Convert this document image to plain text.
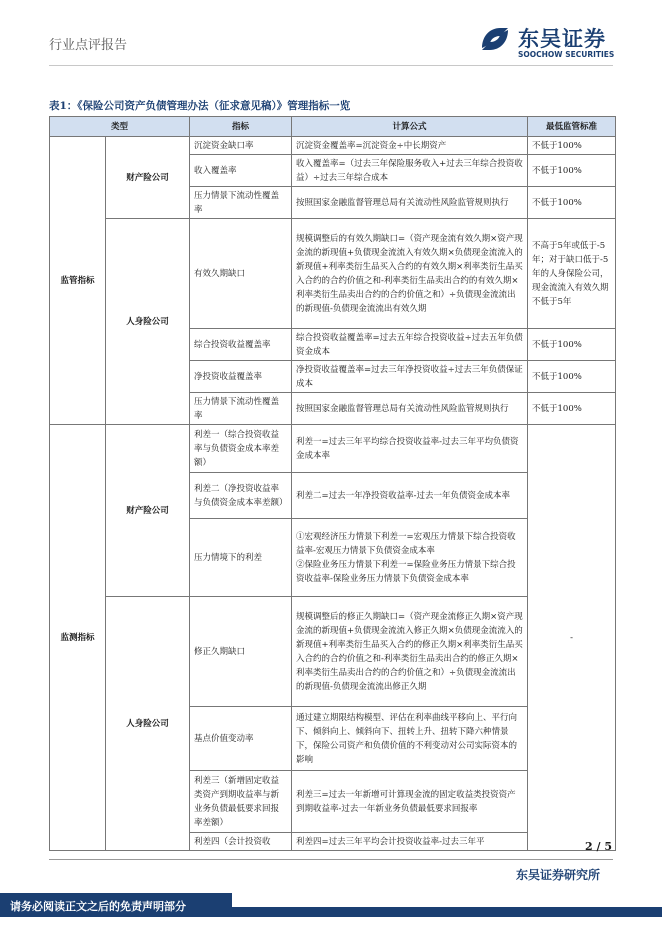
行业点评报告	东吴证券
SOOCHOW SECURITIES
表1：《保险公司资产负债管理办法（征求意见稿）》管理指标一览
类型		指标	计算公式	最低监管标准
监管指标	财产险公司	沉淀资金缺口率	沉淀资金覆盖率=沉淀资金÷中长期资产	不低于100%
		收入覆盖率	收入覆盖率=（过去三年保险服务收入+过去三年综合投资收益）÷过去三年综合成本	不低于100%
		压力情景下流动性覆盖率	按照国家金融监督管理总局有关流动性风险监管规则执行	不低于100%
	人身险公司	有效久期缺口	规模调整后的有效久期缺口=（资产现金流有效久期×资产现金流的新现值+负债现金流流入有效久期×负债现金流流入的新现值+利率类衍生品买入合约的有效久期×利率类衍生品买入合约的合约价值之和-利率类衍生品卖出合约的有效久期×利率类衍生品卖出合约的合约价值之和）÷负债现金流流出的新现值-负债现金流流出有效久期	不高于5年或低于-5年；对于缺口低于-5年的人身保险公司，现金流流入有效久期不低于5年
		综合投资收益覆盖率	综合投资收益覆盖率=过去五年综合投资收益÷过去五年负债资金成本	不低于100%
		净投资收益覆盖率	净投资收益覆盖率=过去三年净投资收益÷过去三年负债保证成本	不低于100%
		压力情景下流动性覆盖率	按照国家金融监督管理总局有关流动性风险监管规则执行	不低于100%
监测指标	财产险公司	利差一（综合投资收益率与负债资金成本率差额）	利差一=过去三年平均综合投资收益率-过去三年平均负债资金成本率	-
		利差二（净投资收益率与负债资金成本率差额）	利差二=过去一年净投资收益率-过去一年负债资金成本率	
		压力情境下的利差	①宏观经济压力情景下利差一=宏观压力情景下综合投资收益率-宏观压力情景下负债资金成本率
②保险业务压力情景下利差一=保险业务压力情景下综合投资收益率-保险业务压力情景下负债资金成本率	
	人身险公司	修正久期缺口	规模调整后的修正久期缺口=（资产现金流修正久期×资产现金流的新现值+负债现金流流入修正久期×负债现金流流入的新现值+利率类衍生品买入合约的修正久期×利率类衍生品买入合约的合约价值之和-利率类衍生品卖出合约的修正久期×利率类衍生品卖出合约的合约价值之和）÷负债现金流流出的新现值-负债现金流流出修正久期	
		基点价值变动率	通过建立期限结构模型、评估在利率曲线平移向上、平行向下、倾斜向上、倾斜向下、扭转上升、扭转下降六种情景下，保险公司资产和负债价值的不利变动对公司实际资本的影响	
		利差三（新增固定收益类资产到期收益率与新业务负债最低要求回报率差额）	利差三=过去一年新增可计算现金流的固定收益类投资资产到期收益率-过去一年新业务负债最低要求回报率	
		利差四（会计投资收	利差四=过去三年平均会计投资收益率-过去三年平		2 / 5
东吴证券研究所
请务必阅读正文之后的免责声明部分
